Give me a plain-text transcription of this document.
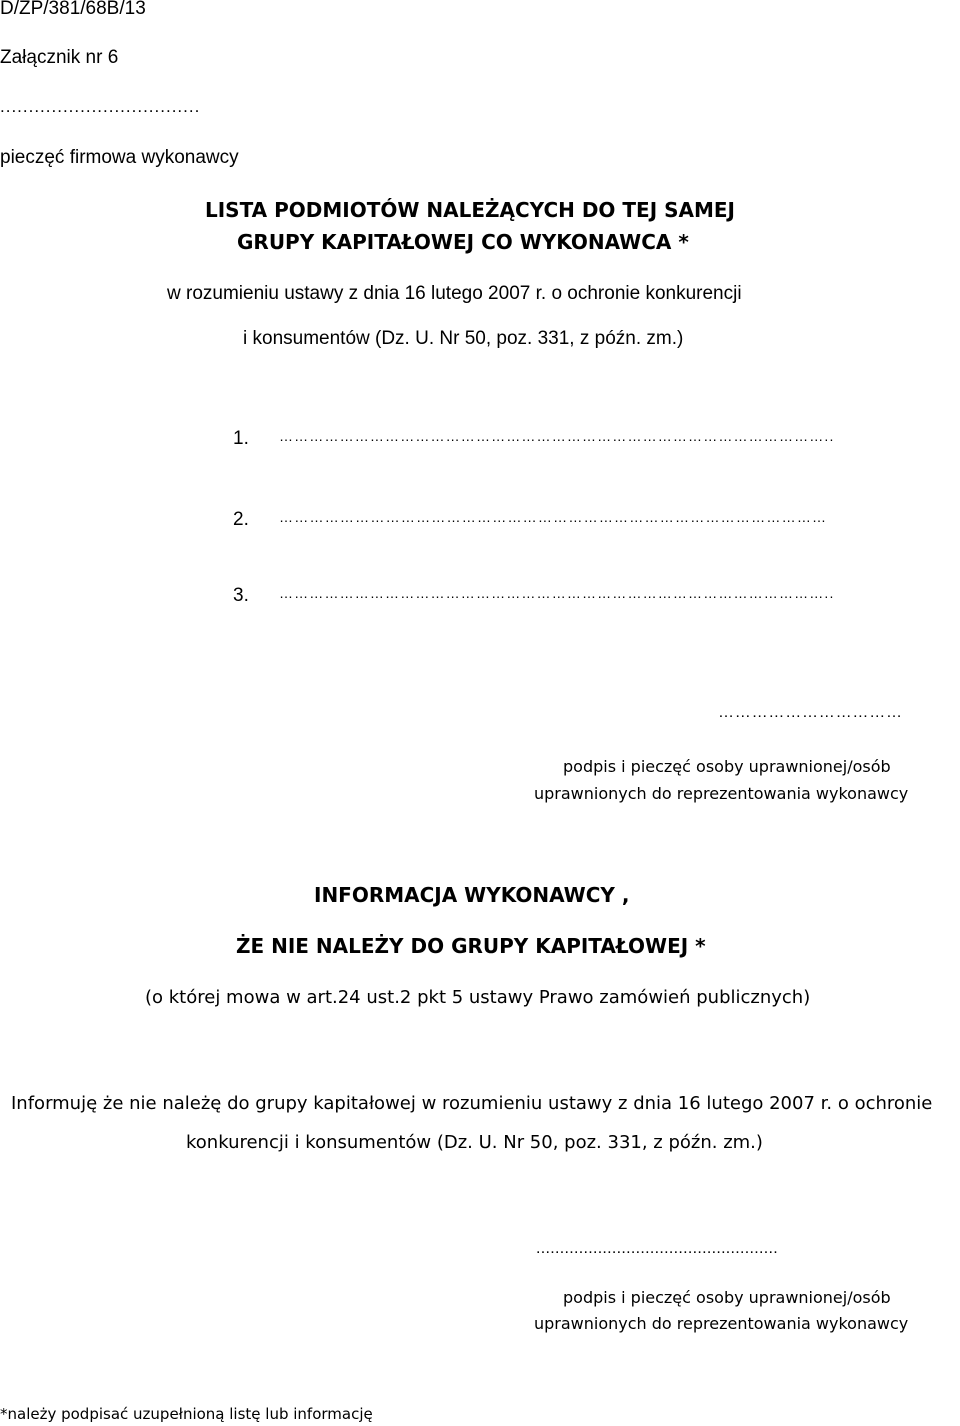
D/ZP/381/68B/13
Załącznik nr 6
...................................
pieczęć firmowa wykonawcy
LISTA PODMIOTÓW NALEŻĄCYCH DO TEJ SAMEJ
GRUPY KAPITAŁOWEJ CO WYKONAWCA *
w rozumieniu ustawy z dnia 16 lutego 2007 r. o ochronie konkurencji
i konsumentów (Dz. U. Nr 50, poz. 331, z późn. zm.)
1. ………………………………………………………………………………………………..
2. ………………………………………………………………………………………………
3. ………………………………………………………………………………………………..
……………………………
podpis i pieczęć osoby uprawnionej/osób
uprawnionych do reprezentowania wykonawcy
INFORMACJA WYKONAWCY ,
ŻE NIE NALEŻY DO GRUPY KAPITAŁOWEJ *
(o której mowa w art.24 ust.2 pkt 5 ustawy Prawo zamówień publicznych)
Informuję że nie należę do grupy kapitałowej w rozumieniu ustawy z dnia 16 lutego 2007 r. o ochronie
konkurencji i konsumentów (Dz. U. Nr 50, poz. 331, z późn. zm.)
...................................................
podpis i pieczęć osoby uprawnionej/osób
uprawnionych do reprezentowania wykonawcy
*należy podpisać uzupełnioną listę lub informację
